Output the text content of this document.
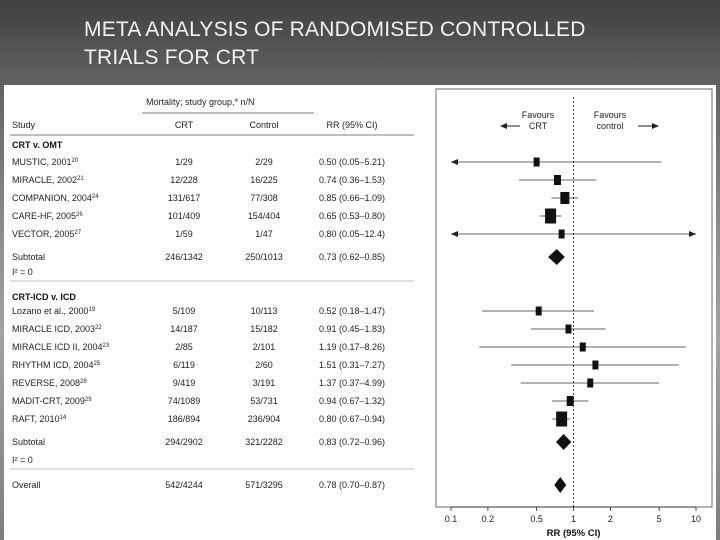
META ANALYSIS OF RANDOMISED CONTROLLED
TRIALS FOR CRT
Mortality; study group,* n/N
Study	CRT	Control	RR (95% CI)
Favours
CRT
Favours
control
CRT v. OMT
MUSTIC, 2001$^{20}$	1/29	2/29	0.50 (0.05–5.21)
MIRACLE, 2002$^{21}$	12/228	16/225	0.74 (0.36–1.53)
COMPANION, 2004$^{24}$	131/617	77/308	0.85 (0.66–1.09)
CARE-HF, 2005$^{26}$	101/409	154/404	0.65 (0.53–0.80)
VECTOR, 2005$^{27}$	1/59	1/47	0.80 (0.05–12.4)
Subtotal	246/1342	250/1013	0.73 (0.62–0.85)
I² = 0
CRT-ICD v. ICD
Lozano et al., 2000$^{19}$	5/109	10/113	0.52 (0.18–1.47)
MIRACLE ICD, 2003$^{22}$	14/187	15/182	0.91 (0.45–1.83)
MIRACLE ICD II, 2004$^{23}$	2/85	2/101	1.19 (0.17–8.26)
RHYTHM ICD, 2004$^{25}$	6/119	2/60	1.51 (0.31–7.27)
REVERSE, 2008$^{28}$	9/419	3/191	1.37 (0.37–4.99)
MADIT-CRT, 2009$^{29}$	74/1089	53/731	0.94 (0.67–1.32)
RAFT, 2010$^{14}$	186/894	236/904	0.80 (0.67–0.94)
Subtotal	294/2902	321/2282	0.83 (0.72–0.96)
I² = 0
Overall	542/4244	571/3295	0.78 (0.70–0.87)
0.1	0.2	0.5	1	2	5	10
RR (95% CI)
